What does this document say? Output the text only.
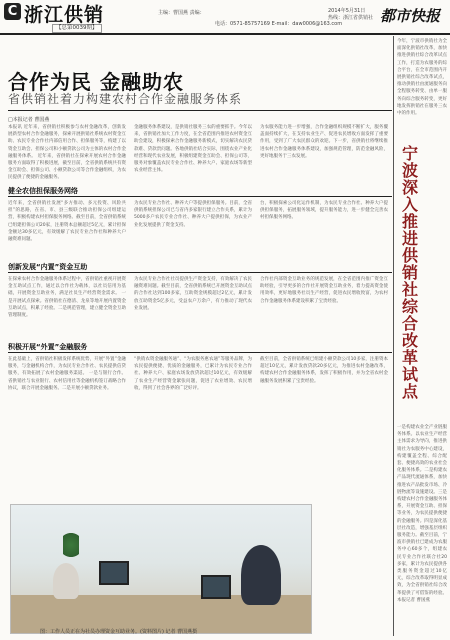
C 浙江供销
【总第0039期】
主编：曹国燕 责编：
电话：0571-85757169 E-mail：daw0006@163.com
2014年5月31日
热线：浙江省供销社 都市快报
合作为民 金融助农
省供销社着力构建农村合作金融服务体系
□本报记者 曹国燕
本报讯 近年来，省供销社积极参与农村金融改革，创新发展新型农村合作金融服务，探索开展供销社系统农村资金互助、农民专业合作社内部信用合作、担保服务等，构建了以资金互助会、担保公司和小额贷款公司为主体的农村合作金融服务体系。 近年来，省供销社在探索开展农村合作金融服务方面取得了积极进展，截至目前，全省供销系统共有资金互助会、担保公司、小额贷款公司等合作金融组织，为农民提供了便捷的金融服务。
金融服务体系建设，是供销社服务三农的重要抓手。今年以来，省供销社加大工作力度，在全省范围内推进农村资金互助会建设，积极探索合作金融服务新模式，切实解决农民贷款难、贷款贵问题。各地供销社结合实际，围绕农业产业化经营和现代农业发展，积极组建资金互助会、担保公司等，服务对象覆盖农民专业合作社、种养大户、家庭农场等新型农业经营主体。
为农服务能力进一步增强，合作金融组织规模不断扩大，服务覆盖面持续扩大，在支持农业生产、促进农民增收方面发挥了重要作用，受到了广大农民群众的欢迎。下一步，省供销社将继续推进农村合作金融服务体系建设，加强规范管理，防范金融风险，更好地服务于三农发展。
健全农信担保服务网络
近年来，全省供销社发展“多方推动、多元投资、风险共担”的思路，在省、市、县三级联合推动担保公司组建运营，积极构建农村担保服务网络。截至目前，全省供销系统已组建担保公司20家，注册资本总额超过5亿元，累计担保金额达30多亿元，有效缓解了农民专业合作社和种养大户融资难问题。
为农民专业合作社、种养大户等提供担保服务。目前，全省供销系统担保公司已与省内多家银行建立合作关系，累计为5000多户农民专业合作社、种养大户提供担保，为农业产业化发展提供了资金支持。
台，积极探索公司化运作机制，为农民专业合作社、种养大户提供担保服务，拓展服务领域，提升服务能力，进一步健全完善农村担保服务网络。
创新发展“内置”资金互助
在探索农村合作金融服务体系过程中，省供销社重视开展资金互助试点工作，通过以合作社为载体，以社员信用为基础，开展资金互助业务，满足社员生产经营资金需求。 一是开展试点探索。省供销社在德清、龙泉等地开展内置资金互助试点，积累了经验。二是规范管理，建立健全资金互助管理制度。
为农民专业合作社社员提供生产资金支持，有效解决了农民融资难问题。截至目前，全省供销系统已开展资金互助试点的合作社达到100多家，互助资金规模超过2亿元，累计发放互助资金5亿多元，受益农户万余户，有力推动了现代农业发展。
合作社内部资金互助业务的规范发展，在全省范围内推广资金互助经验，引导更多的合作社开展资金互助业务，着力提高资金使用效率，更好地服务社员生产经营，促进农民增收致富，为农村合作金融服务体系建设积累了宝贵经验。
积极开展“外置”金融服务
在此基础上，省供销社积极发挥系统优势，开展“外置”金融服务，与金融机构合作，为农民专业合作社、农民提供信贷服务，有效拓展了农村金融服务渠道。 一是与银行合作。省供销社与农业银行、农村信用社等金融机构签订战略合作协议，联合开展金融服务。二是开展小额贷款业务。
“供销农资金融服务通”、“为农服务惠农通”等服务品牌，为农民提供便捷、优质的金融服务，已累计为农民专业合作社、种养大户、家庭农场发放贷款超过10亿元，有效缓解了农业生产经营资金紧张问题，促进了农业增效、农民增收，得到了社会各界的广泛好评。
截至目前，全省供销系统已组建小额贷款公司10多家，注册资本超过10亿元，累计发放贷款20多亿元，为推进农村金融改革，构建农村合作金融服务体系，发挥了积极作用，并为全省农村金融服务发展积累了宝贵经验。
图：工作人员正在为社员办理资金互助业务。(资料图片) 记者 曹国燕摄
今年，宁波市供销社为全面深化供销社改革，加快推进供销社综合改革试点工作，打造为农服务的综合平台，在全市范围内开展供销社综合改革试点，推动供销社由流通服务向全程服务转变、由单一服务向综合服务转变，更好地发挥供销社在服务三农中的作用。
宁波深入推进供销社综合改革试点
一是构建农业全产业链服务体系。以农业生产经营主体需求为导向，推进供销社为农服务中心建设，构建覆盖全程、综合配套、便捷高效的农业社会化服务体系。二是构建农产品现代流通体系，加快推进农产品批发市场、冷链物流等设施建设。三是构建农村合作金融服务体系，开展资金互助、担保等业务，为农民提供便捷的金融服务。四是深化基层社改造，增强基层组织服务能力。截至目前，宁波市供销社已建成为农服务中心60多个，组建农民专业合作社联合社20多家，累计为农民提供各类服务资金超过10亿元，综合改革取得明显成效，为全省供销社综合改革提供了可借鉴的经验。 本报记者 曹国燕
